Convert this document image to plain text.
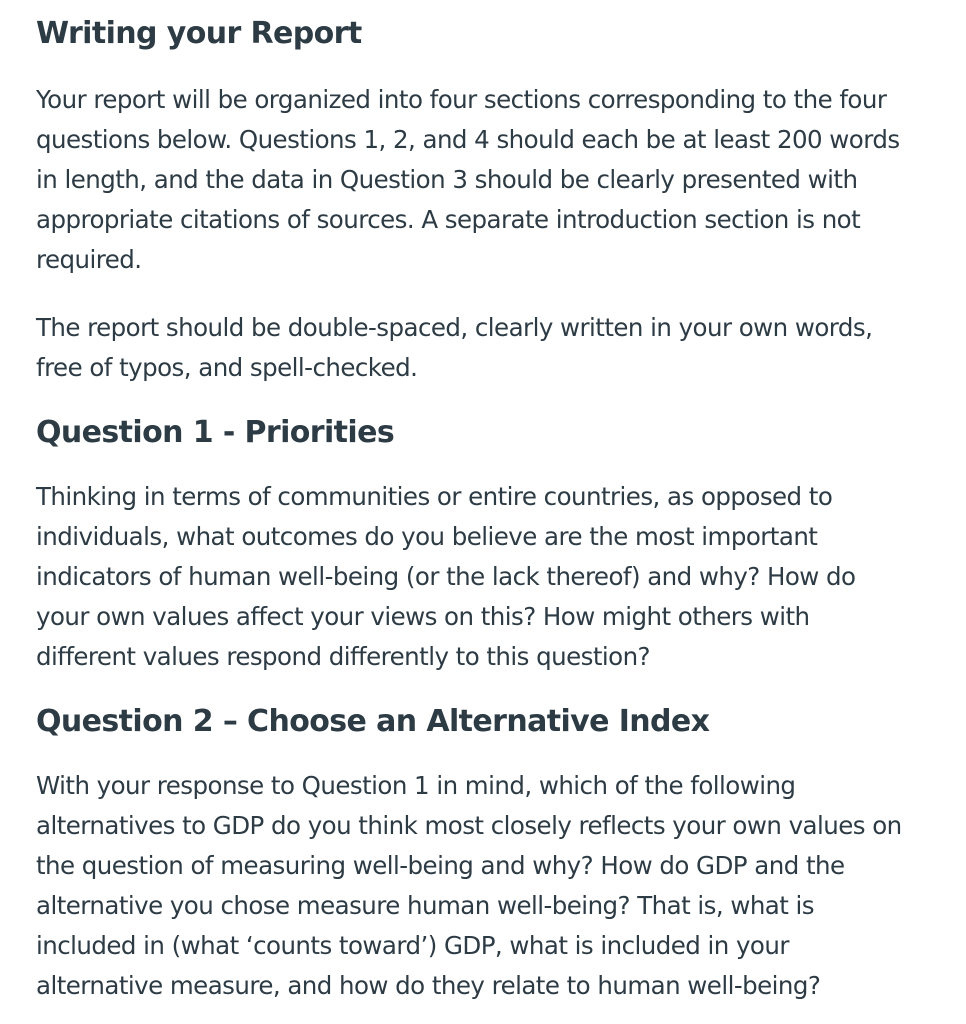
Writing your Report

Your report will be organized into four sections corresponding to the four
questions below. Questions 1, 2, and 4 should each be at least 200 words
in length, and the data in Question 3 should be clearly presented with
appropriate citations of sources. A separate introduction section is not
required.

The report should be double-spaced, clearly written in your own words,
free of typos, and spell-checked.

Question 1 - Priorities

Thinking in terms of communities or entire countries, as opposed to
individuals, what outcomes do you believe are the most important
indicators of human well-being (or the lack thereof) and why? How do
your own values affect your views on this? How might others with
different values respond differently to this question?

Question 2 – Choose an Alternative Index

With your response to Question 1 in mind, which of the following
alternatives to GDP do you think most closely reflects your own values on
the question of measuring well-being and why? How do GDP and the
alternative you chose measure human well-being? That is, what is
included in (what ‘counts toward’) GDP, what is included in your
alternative measure, and how do they relate to human well-being?
